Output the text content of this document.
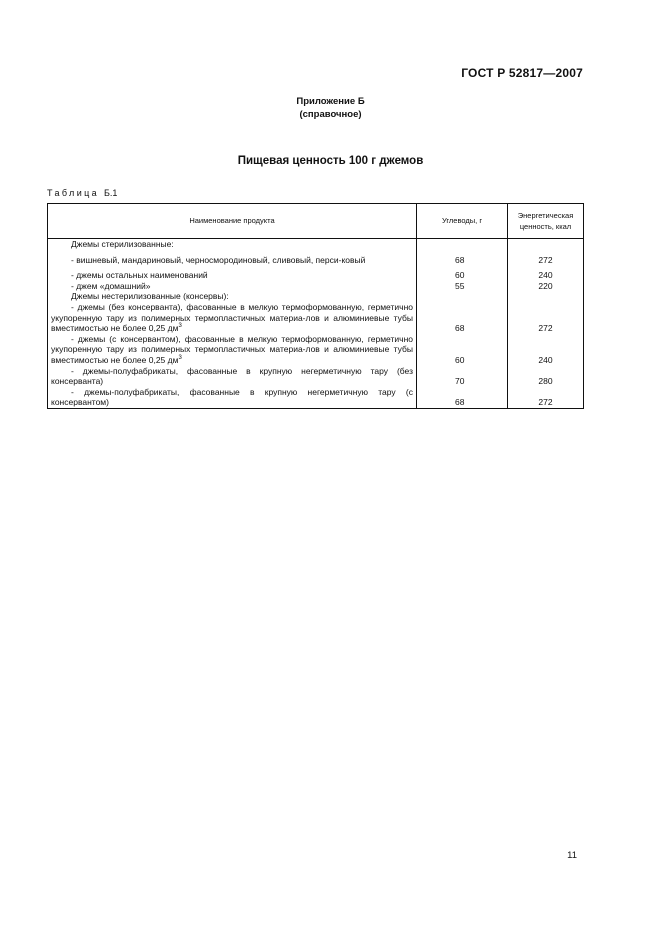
ГОСТ Р 52817—2007
Приложение Б
(справочное)
Пищевая ценность 100 г джемов
Таблица Б.1
Наименование продукта	Углеводы, г	Энергетическая
ценность, ккал

Джемы стерилизованные:		

- вишневый, мандариновый, черносмородиновый, сливовый, перси-ковый	68	272

- джемы остальных наименований	60	240

- джем «домашний»	55	220

Джемы нестерилизованные (консервы):		

- джемы (без консерванта), фасованные в мелкую термоформованную, герметично укупоренную тару из полимерных термопластичных материа-лов и алюминиевые тубы вместимостью не более 0,25 $дм^3$	68	272

- джемы (с консервантом), фасованные в мелкую термоформованную, герметично укупоренную тару из полимерных термопластичных материа-лов и алюминиевые тубы вместимостью не более 0,25 $дм^3$	60	240

- джемы-полуфабрикаты, фасованные в крупную негерметичную тару (без консерванта)	70	280

- джемы-полуфабрикаты, фасованные в крупную негерметичную тару (с консервантом)	68	272
11
